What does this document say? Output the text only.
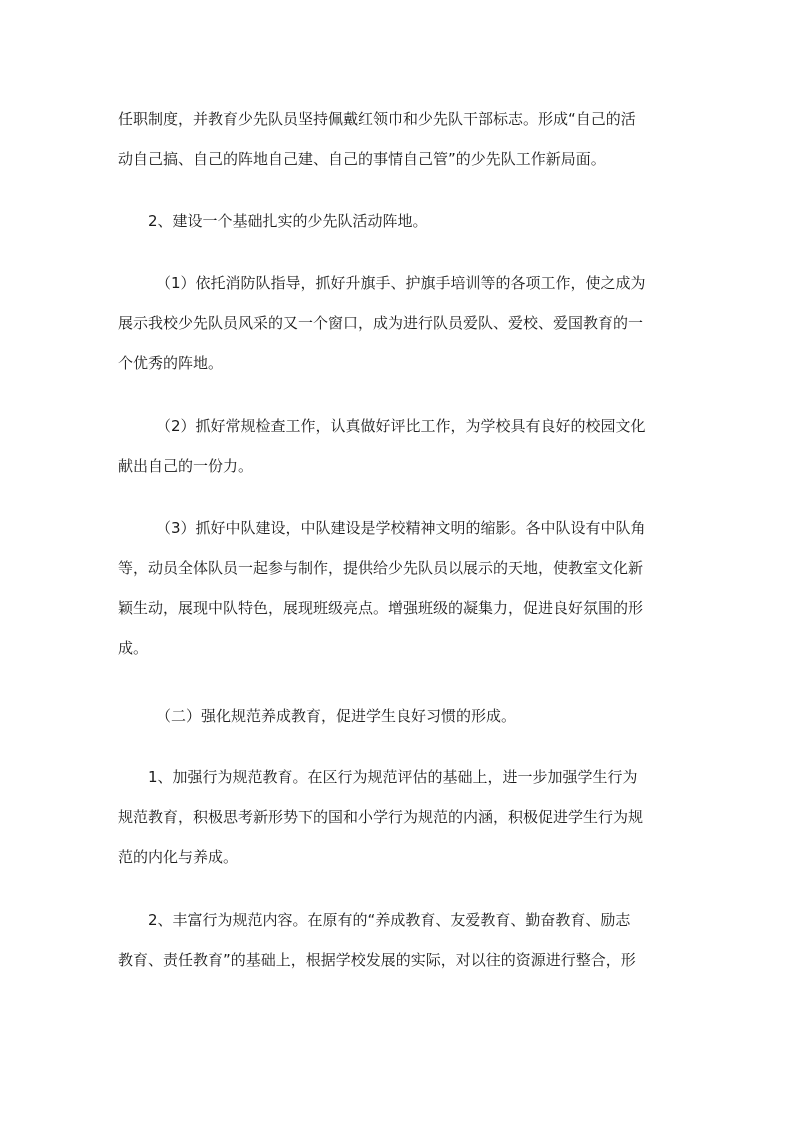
任职制度，并教育少先队员坚持佩戴红领巾和少先队干部标志。形成“自己的活
动自己搞、自己的阵地自己建、自己的事情自己管”的少先队工作新局面。

2、建设一个基础扎实的少先队活动阵地。

（1）依托消防队指导，抓好升旗手、护旗手培训等的各项工作，使之成为
展示我校少先队员风采的又一个窗口，成为进行队员爱队、爱校、爱国教育的一
个优秀的阵地。

（2）抓好常规检查工作，认真做好评比工作，为学校具有良好的校园文化
献出自己的一份力。

（3）抓好中队建设，中队建设是学校精神文明的缩影。各中队设有中队角
等，动员全体队员一起参与制作，提供给少先队员以展示的天地，使教室文化新
颖生动，展现中队特色，展现班级亮点。增强班级的凝集力，促进良好氛围的形
成。

（二）强化规范养成教育，促进学生良好习惯的形成。

1、加强行为规范教育。在区行为规范评估的基础上，进一步加强学生行为
规范教育，积极思考新形势下的国和小学行为规范的内涵，积极促进学生行为规
范的内化与养成。

2、丰富行为规范内容。在原有的“养成教育、友爱教育、勤奋教育、励志
教育、责任教育”的基础上，根据学校发展的实际，对以往的资源进行整合，形
